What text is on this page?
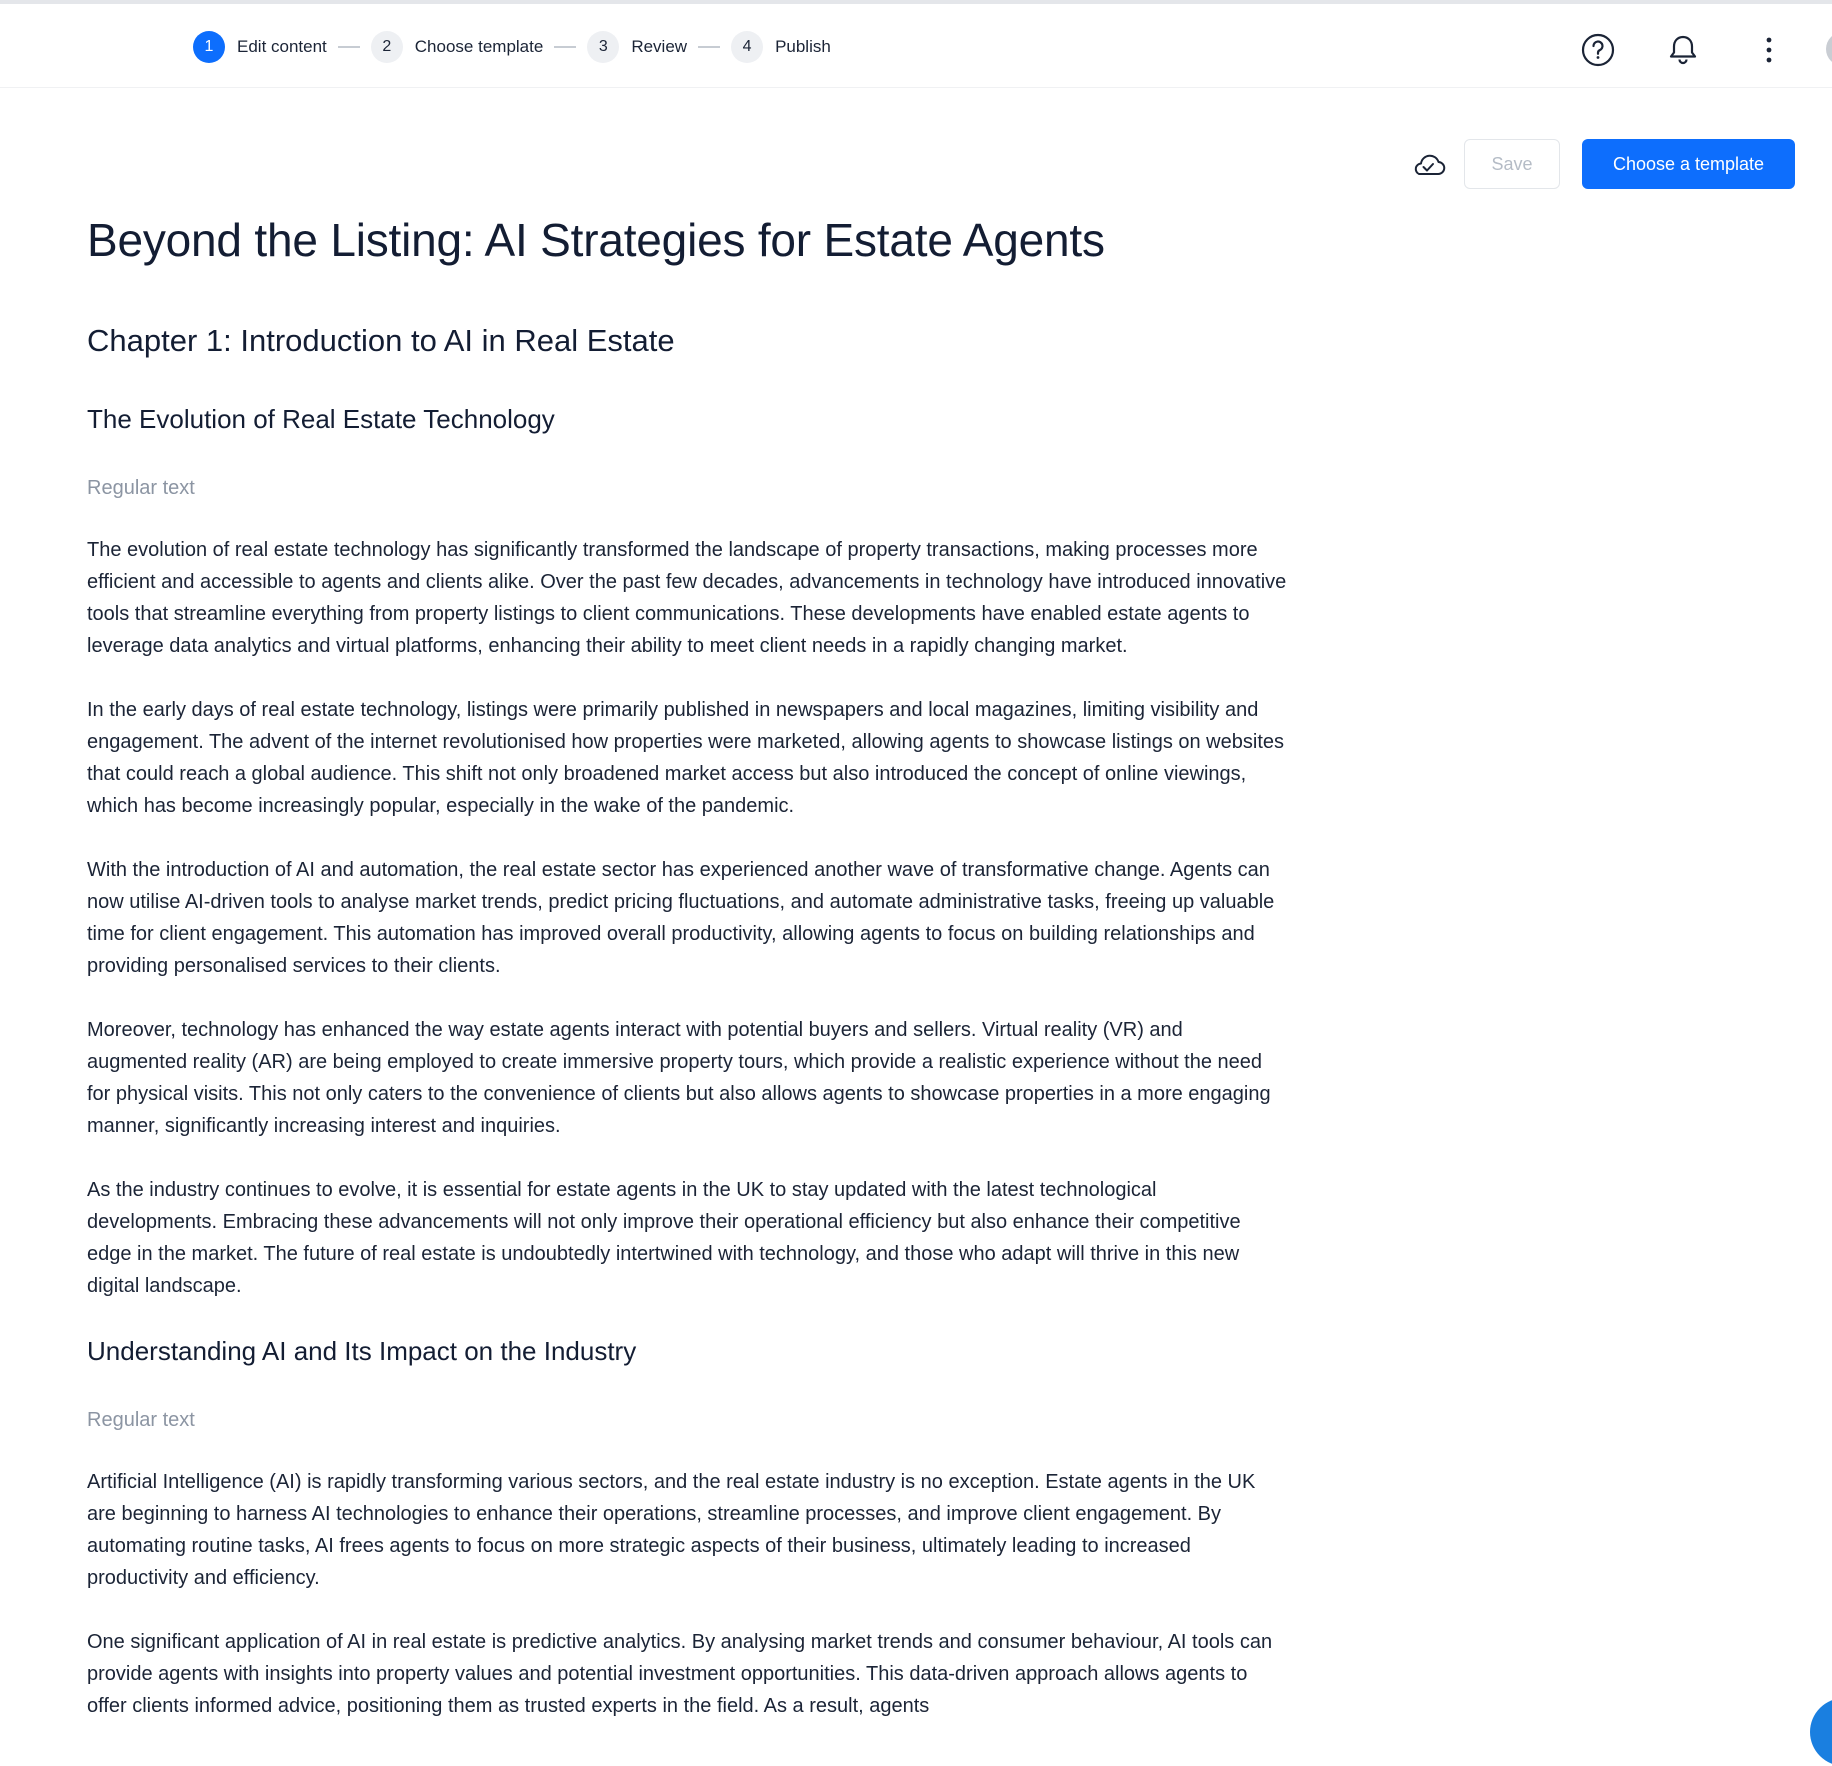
1	Edit content	2	Choose template	3	Review	4	Publish
Save	Choose a template
Beyond the Listing: AI Strategies for Estate Agents
Chapter 1: Introduction to AI in Real Estate
The Evolution of Real Estate Technology
Regular text

The evolution of real estate technology has significantly transformed the landscape of property transactions, making processes more efficient and accessible to agents and clients alike. Over the past few decades, advancements in technology have introduced innovative tools that streamline everything from property listings to client communications. These developments have enabled estate agents to leverage data analytics and virtual platforms, enhancing their ability to meet client needs in a rapidly changing market.

In the early days of real estate technology, listings were primarily published in newspapers and local magazines, limiting visibility and engagement. The advent of the internet revolutionised how properties were marketed, allowing agents to showcase listings on websites that could reach a global audience. This shift not only broadened market access but also introduced the concept of online viewings, which has become increasingly popular, especially in the wake of the pandemic.

With the introduction of AI and automation, the real estate sector has experienced another wave of transformative change. Agents can now utilise AI-driven tools to analyse market trends, predict pricing fluctuations, and automate administrative tasks, freeing up valuable time for client engagement. This automation has improved overall productivity, allowing agents to focus on building relationships and providing personalised services to their clients.

Moreover, technology has enhanced the way estate agents interact with potential buyers and sellers. Virtual reality (VR) and augmented reality (AR) are being employed to create immersive property tours, which provide a realistic experience without the need for physical visits. This not only caters to the convenience of clients but also allows agents to showcase properties in a more engaging manner, significantly increasing interest and inquiries.

As the industry continues to evolve, it is essential for estate agents in the UK to stay updated with the latest technological developments. Embracing these advancements will not only improve their operational efficiency but also enhance their competitive edge in the market. The future of real estate is undoubtedly intertwined with technology, and those who adapt will thrive in this new digital landscape.

Understanding AI and Its Impact on the Industry
Regular text

Artificial Intelligence (AI) is rapidly transforming various sectors, and the real estate industry is no exception. Estate agents in the UK are beginning to harness AI technologies to enhance their operations, streamline processes, and improve client engagement. By automating routine tasks, AI frees agents to focus on more strategic aspects of their business, ultimately leading to increased productivity and efficiency.

One significant application of AI in real estate is predictive analytics. By analysing market trends and consumer behaviour, AI tools can provide agents with insights into property values and potential investment opportunities. This data-driven approach allows agents to offer clients informed advice, positioning them as trusted experts in the field. As a result, agents
